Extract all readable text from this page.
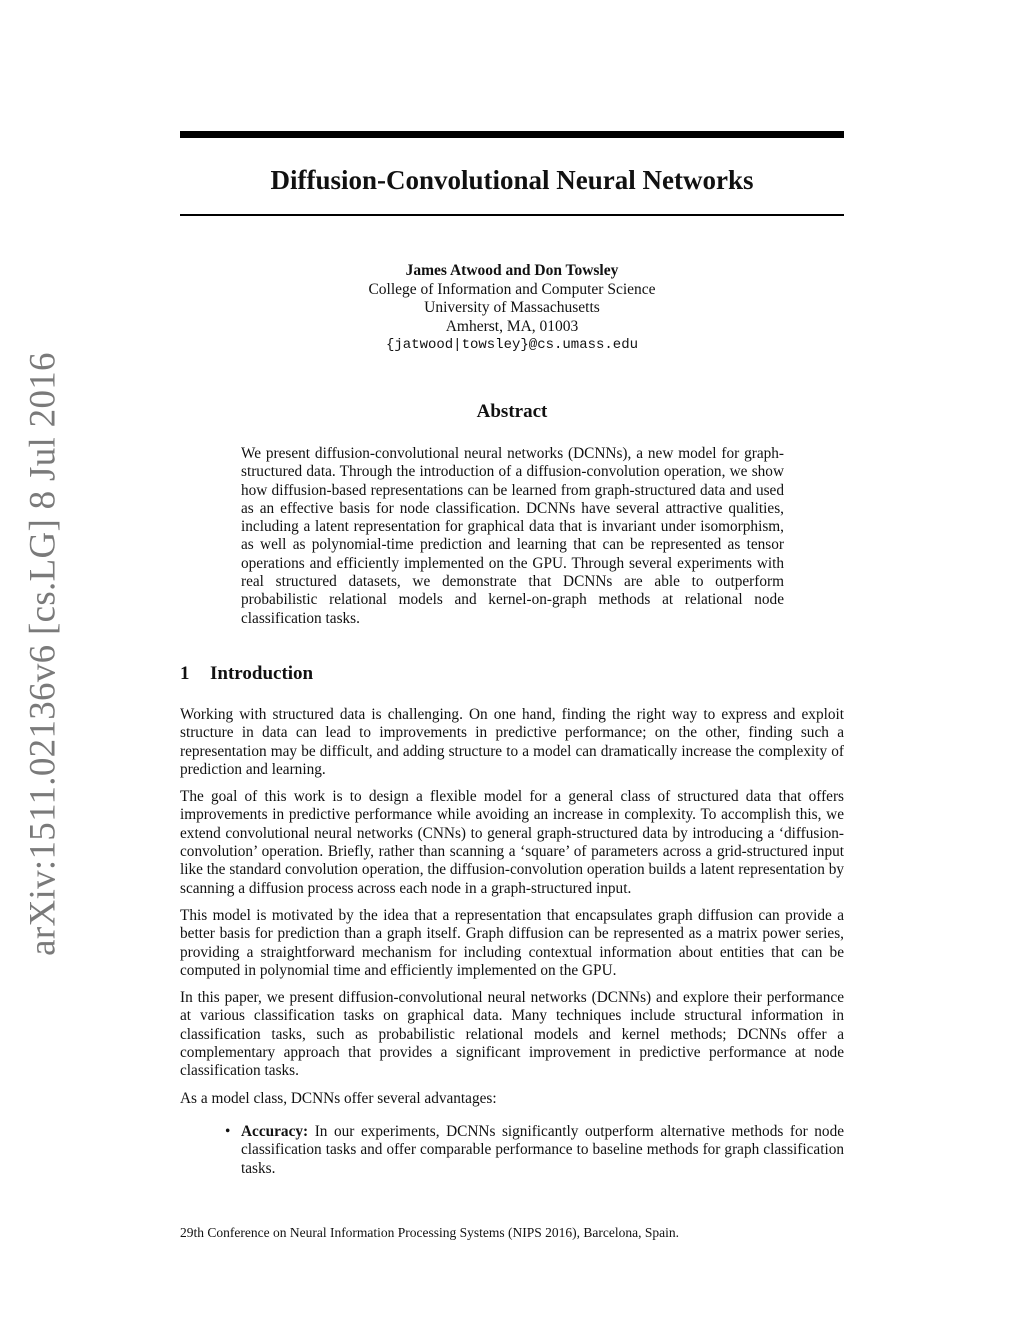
arXiv:1511.02136v6 [cs.LG] 8 Jul 2016
Diffusion-Convolutional Neural Networks
James Atwood and Don Towsley
College of Information and Computer Science
University of Massachusetts
Amherst, MA, 01003
{jatwood|towsley}@cs.umass.edu
Abstract

We present diffusion-convolutional neural networks (DCNNs), a new model for graph-structured data. Through the introduction of a diffusion-convolution operation, we show how diffusion-based representations can be learned from graph-structured data and used as an effective basis for node classification. DCNNs have several attractive qualities, including a latent representation for graphical data that is invariant under isomorphism, as well as polynomial-time prediction and learning that can be represented as tensor operations and efficiently implemented on the GPU. Through several experiments with real structured datasets, we demonstrate that DCNNs are able to outperform probabilistic relational models and kernel-on-graph methods at relational node classification tasks.

1 Introduction

Working with structured data is challenging. On one hand, finding the right way to express and exploit structure in data can lead to improvements in predictive performance; on the other, finding such a representation may be difficult, and adding structure to a model can dramatically increase the complexity of prediction and learning.

The goal of this work is to design a flexible model for a general class of structured data that offers improvements in predictive performance while avoiding an increase in complexity. To accomplish this, we extend convolutional neural networks (CNNs) to general graph-structured data by introducing a ‘diffusion-convolution’ operation. Briefly, rather than scanning a ‘square’ of parameters across a grid-structured input like the standard convolution operation, the diffusion-convolution operation builds a latent representation by scanning a diffusion process across each node in a graph-structured input.

This model is motivated by the idea that a representation that encapsulates graph diffusion can provide a better basis for prediction than a graph itself. Graph diffusion can be represented as a matrix power series, providing a straightforward mechanism for including contextual information about entities that can be computed in polynomial time and efficiently implemented on the GPU.

In this paper, we present diffusion-convolutional neural networks (DCNNs) and explore their performance at various classification tasks on graphical data. Many techniques include structural information in classification tasks, such as probabilistic relational models and kernel methods; DCNNs offer a complementary approach that provides a significant improvement in predictive performance at node classification tasks.

As a model class, DCNNs offer several advantages:

• Accuracy: In our experiments, DCNNs significantly outperform alternative methods for node classification tasks and offer comparable performance to baseline methods for graph classification tasks.
29th Conference on Neural Information Processing Systems (NIPS 2016), Barcelona, Spain.
